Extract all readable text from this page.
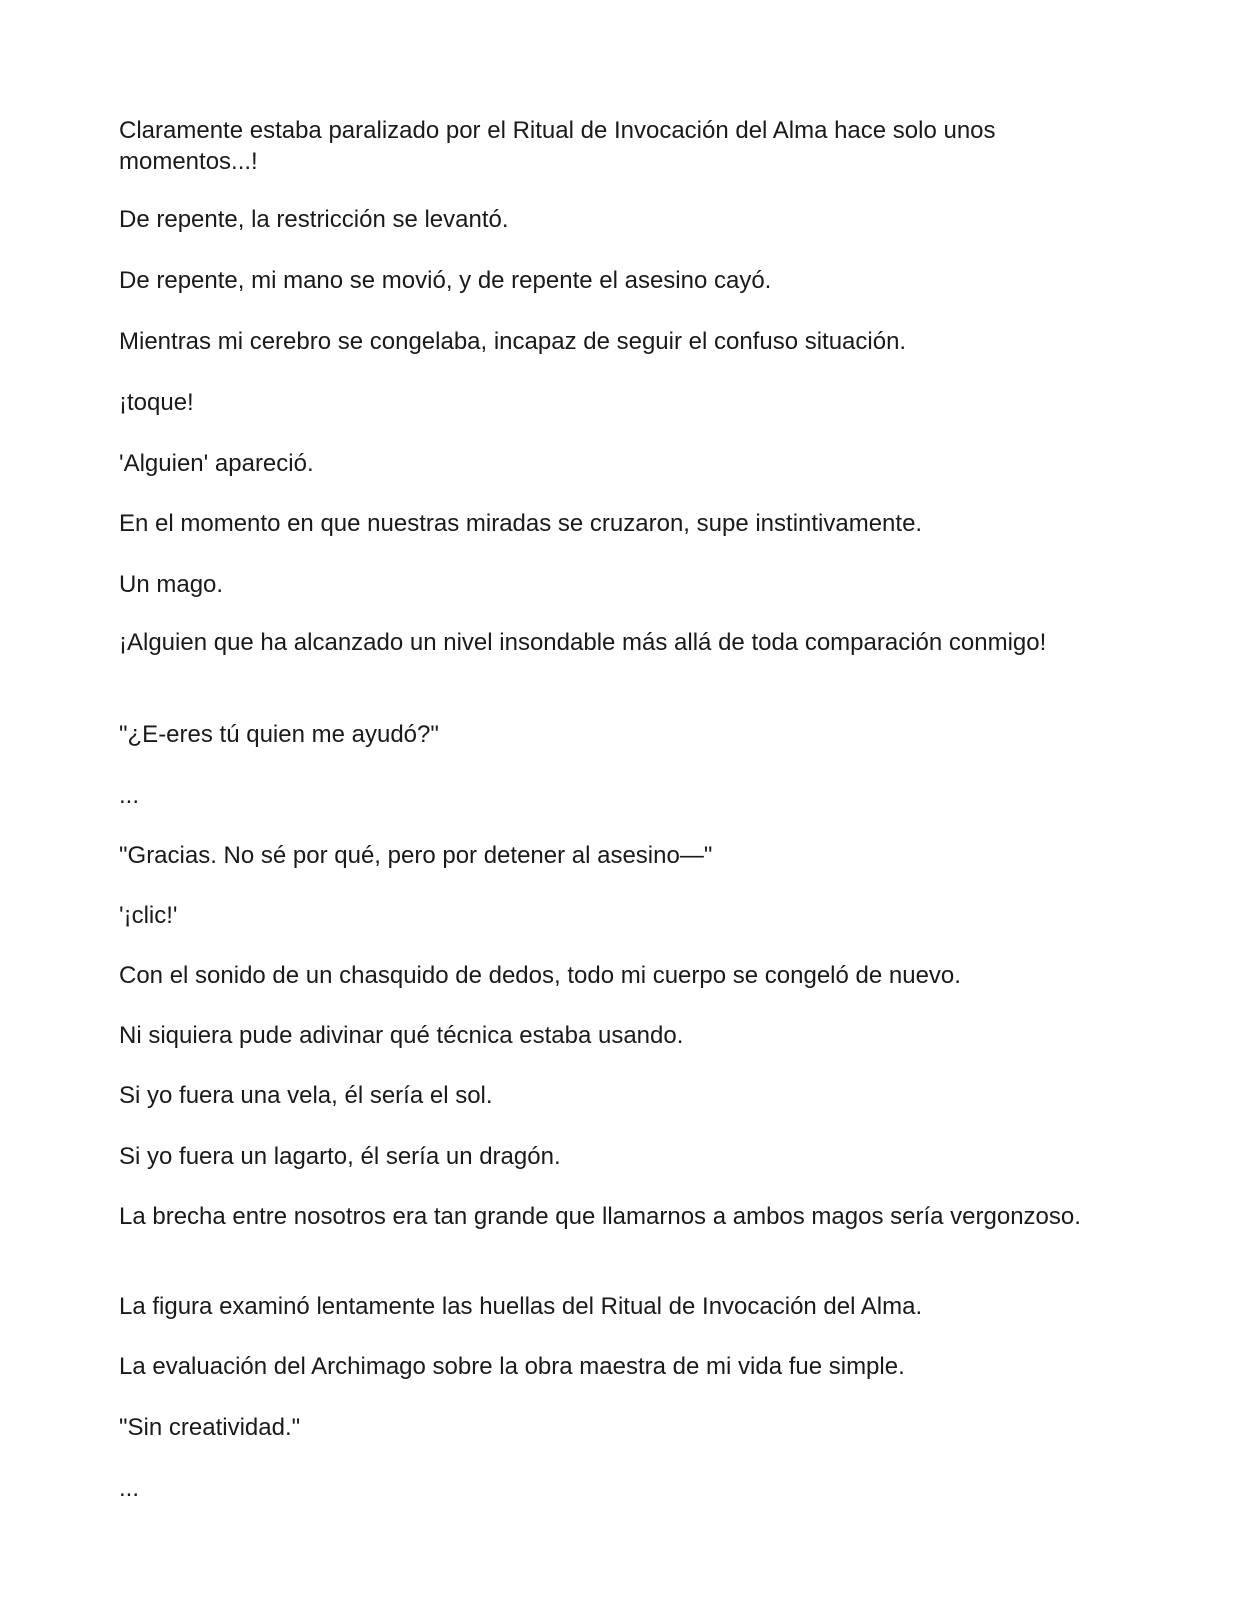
Claramente estaba paralizado por el Ritual de Invocación del Alma hace solo unos momentos...!

De repente, la restricción se levantó.

De repente, mi mano se movió, y de repente el asesino cayó.

Mientras mi cerebro se congelaba, incapaz de seguir el confuso situación.

¡toque!

'Alguien' apareció.

En el momento en que nuestras miradas se cruzaron, supe instintivamente.

Un mago.

¡Alguien que ha alcanzado un nivel insondable más allá de toda comparación conmigo!

"¿E-eres tú quien me ayudó?"

...

"Gracias. No sé por qué, pero por detener al asesino—"

'¡clic!'

Con el sonido de un chasquido de dedos, todo mi cuerpo se congeló de nuevo.

Ni siquiera pude adivinar qué técnica estaba usando.

Si yo fuera una vela, él sería el sol.

Si yo fuera un lagarto, él sería un dragón.

La brecha entre nosotros era tan grande que llamarnos a ambos magos sería vergonzoso.

La figura examinó lentamente las huellas del Ritual de Invocación del Alma.

La evaluación del Archimago sobre la obra maestra de mi vida fue simple.

"Sin creatividad."

...
